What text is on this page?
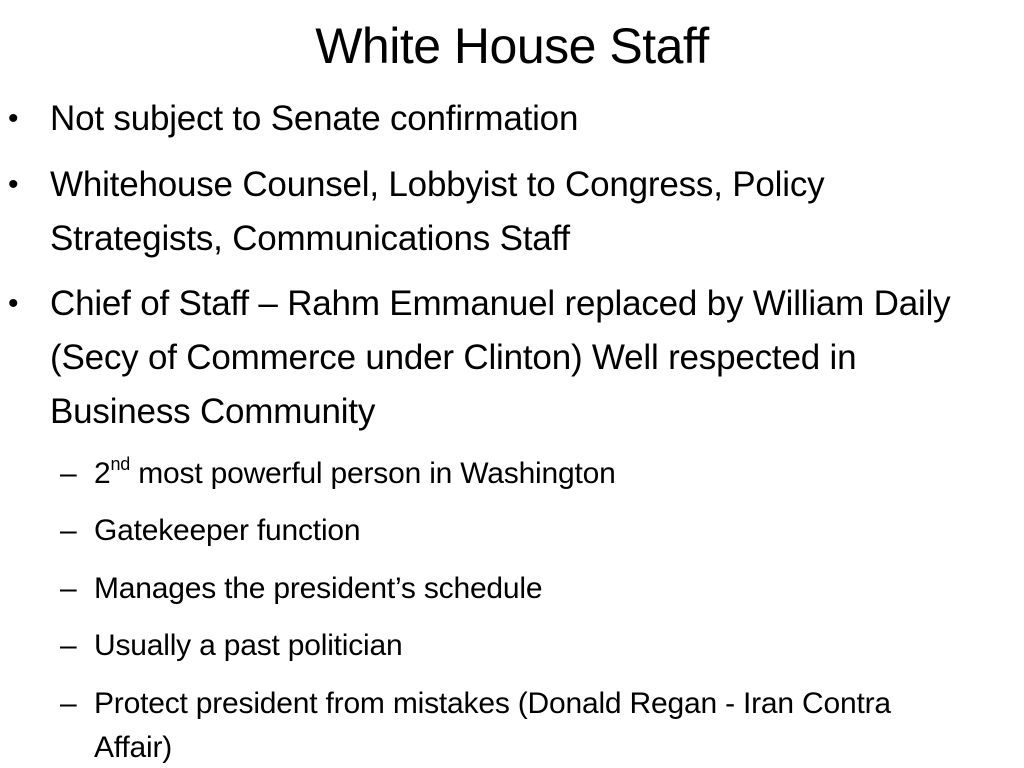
White House Staff
• Not subject to Senate confirmation
• Whitehouse Counsel, Lobbyist to Congress, Policy Strategists, Communications Staff
• Chief of Staff – Rahm Emmanuel replaced by William Daily (Secy of Commerce under Clinton) Well respected in Business Community
– 2nd most powerful person in Washington
– Gatekeeper function
– Manages the president’s schedule
– Usually a past politician
– Protect president from mistakes (Donald Regan - Iran Contra Affair)
